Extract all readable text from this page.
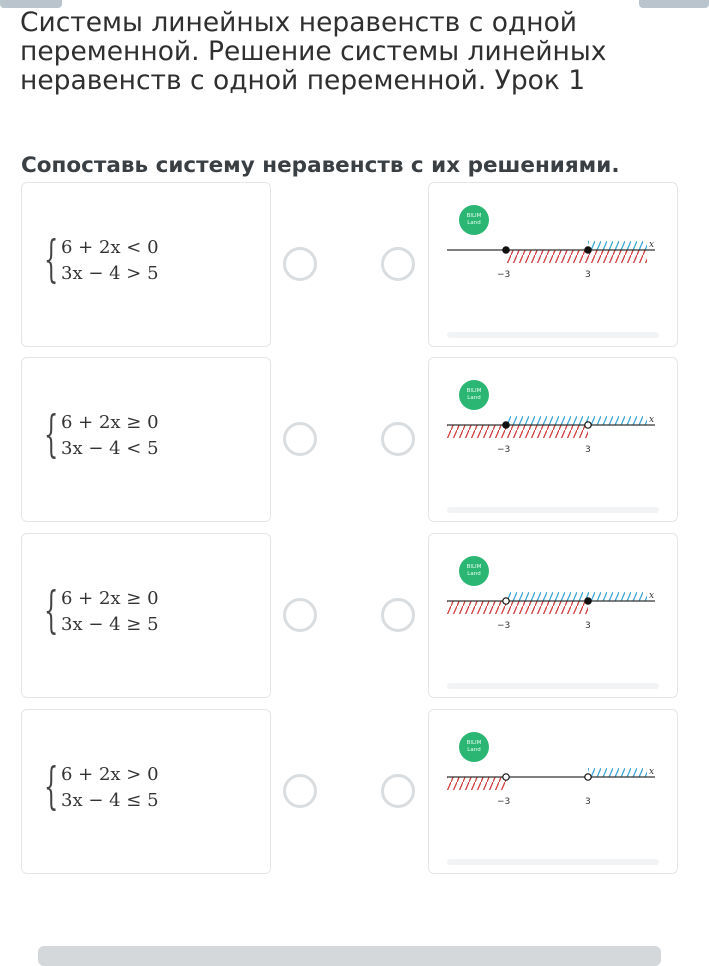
Системы линейных неравенств с одной переменной. Решение системы линейных неравенств с одной переменной. Урок 1
Сопоставь систему неравенств с их решениями.
{ 6 + 2x < 0
3x − 4 > 5
BILIM
Land
x
−3	3
{ 6 + 2x ≥ 0
3x − 4 < 5
BILIM
Land
x
−3	3
{ 6 + 2x ≥ 0
3x − 4 ≥ 5
BILIM
Land
x
−3	3
{ 6 + 2x > 0
3x − 4 ≤ 5
BILIM
Land
x
−3	3
